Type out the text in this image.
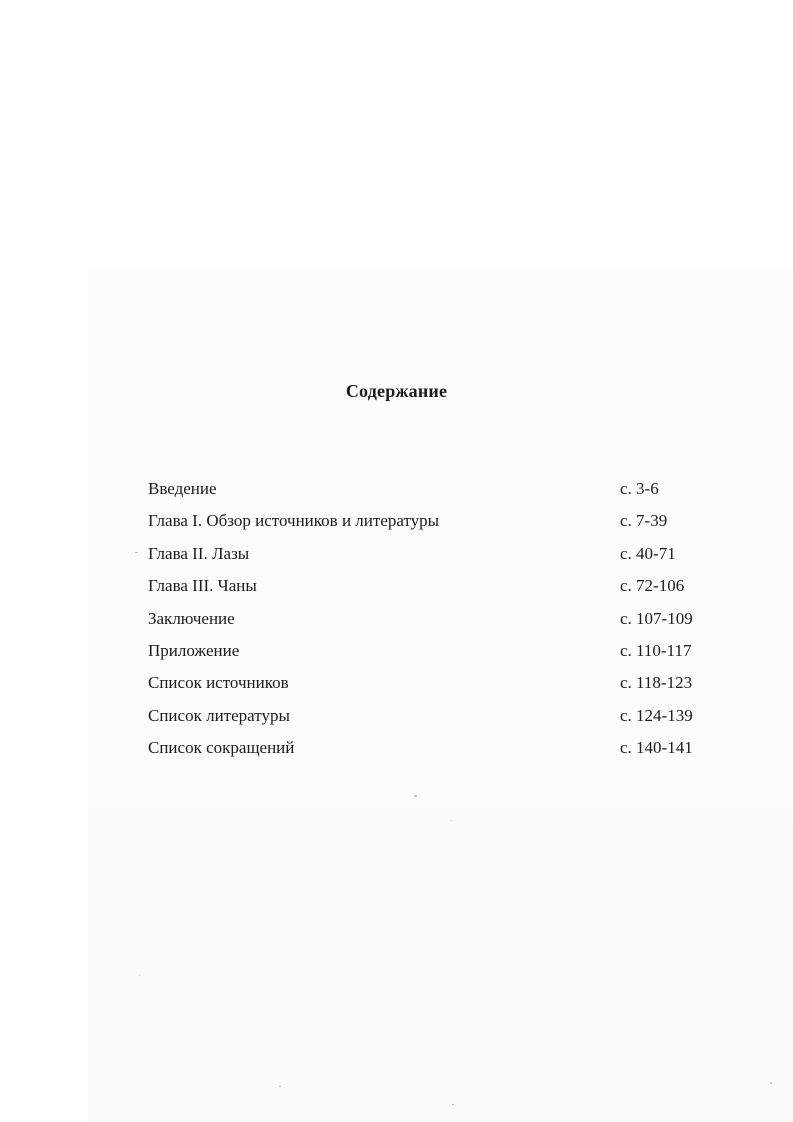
Содержание
Введение	с. 3-6
Глава I. Обзор источников и литературы	с. 7-39
Глава II. Лазы	с. 40-71
Глава III. Чаны	с. 72-106
Заключение	с. 107-109
Приложение	с. 110-117
Список источников	с. 118-123
Список литературы	с. 124-139
Список сокращений	с. 140-141
